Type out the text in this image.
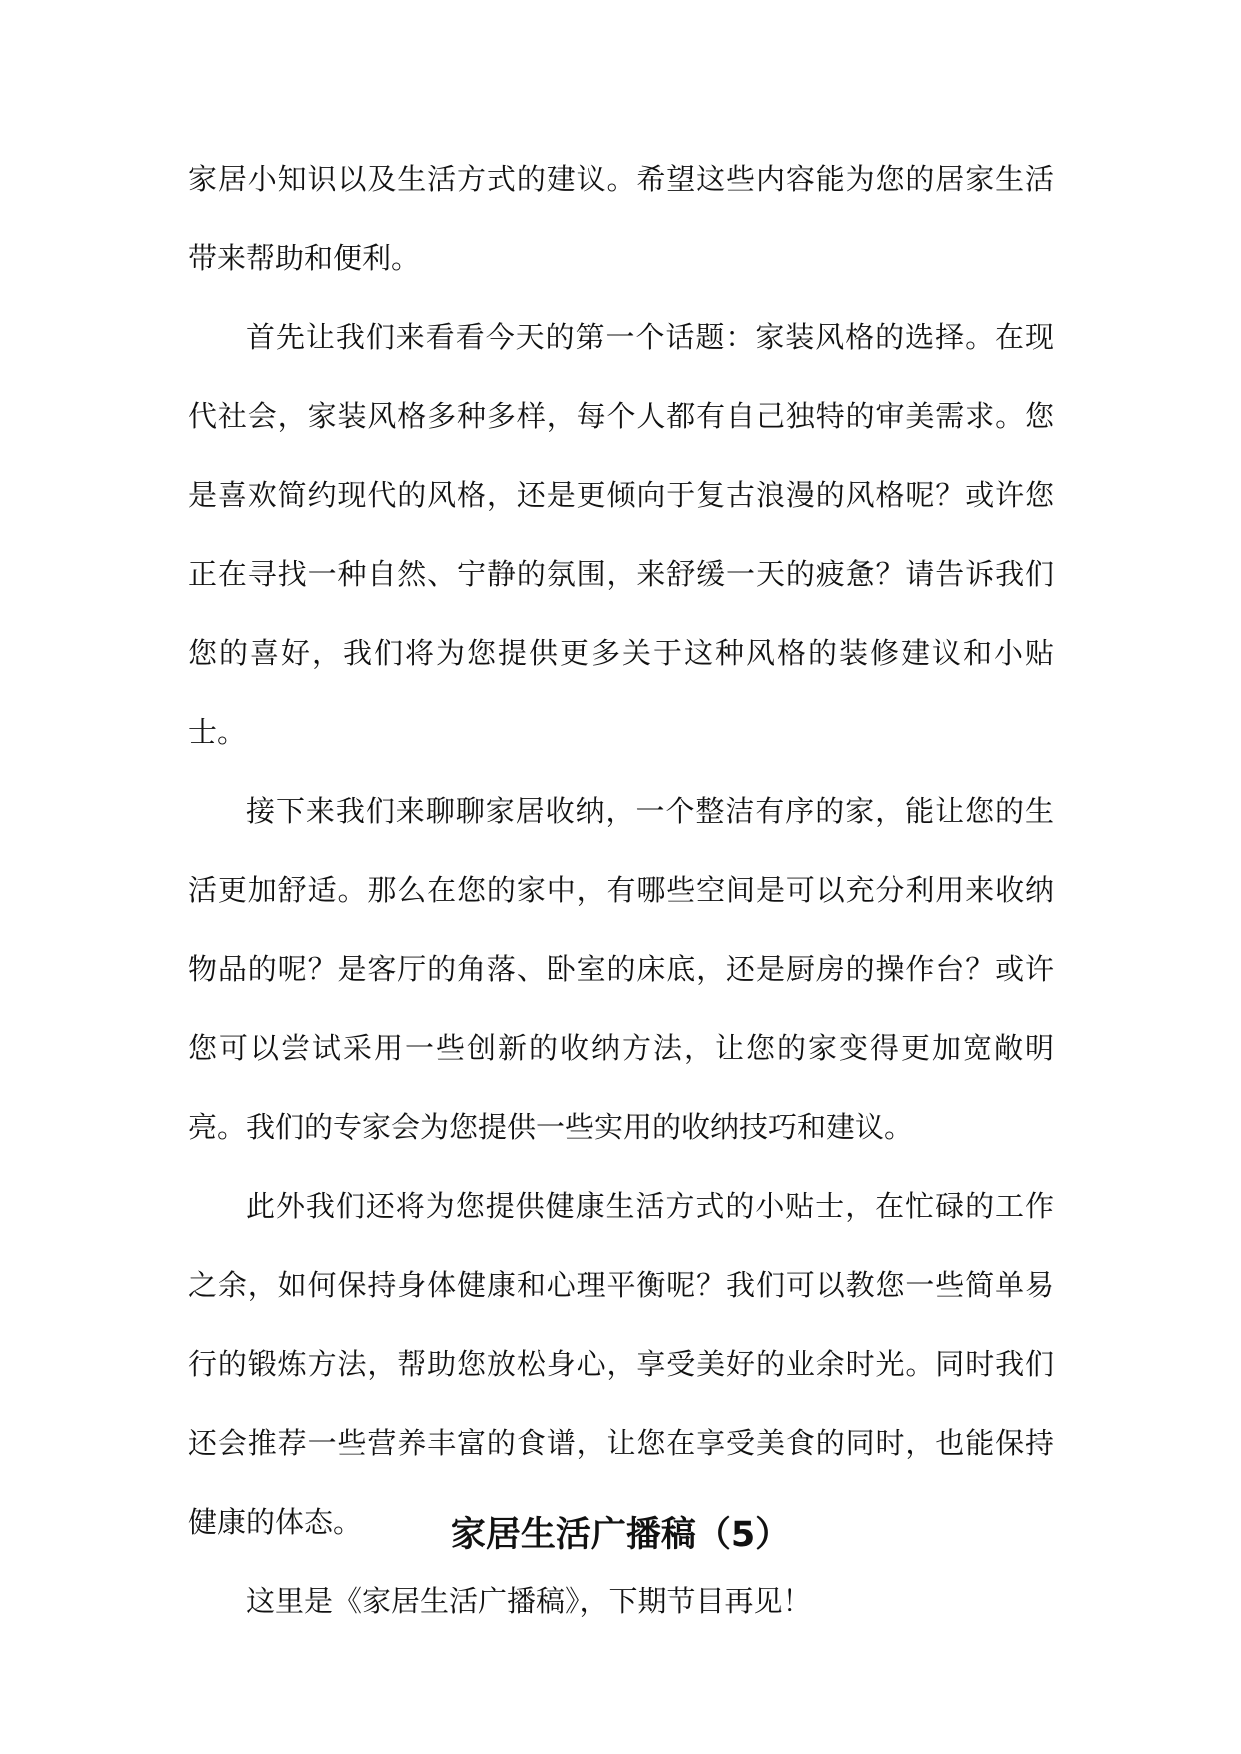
家居小知识以及生活方式的建议。希望这些内容能为您的居家生活带来帮助和便利。

首先让我们来看看今天的第一个话题：家装风格的选择。在现代社会，家装风格多种多样，每个人都有自己独特的审美需求。您是喜欢简约现代的风格，还是更倾向于复古浪漫的风格呢？或许您正在寻找一种自然、宁静的氛围，来舒缓一天的疲惫？请告诉我们您的喜好，我们将为您提供更多关于这种风格的装修建议和小贴士。

接下来我们来聊聊家居收纳，一个整洁有序的家，能让您的生活更加舒适。那么在您的家中，有哪些空间是可以充分利用来收纳物品的呢？是客厅的角落、卧室的床底，还是厨房的操作台？或许您可以尝试采用一些创新的收纳方法，让您的家变得更加宽敞明亮。我们的专家会为您提供一些实用的收纳技巧和建议。

此外我们还将为您提供健康生活方式的小贴士，在忙碌的工作之余，如何保持身体健康和心理平衡呢？我们可以教您一些简单易行的锻炼方法，帮助您放松身心，享受美好的业余时光。同时我们还会推荐一些营养丰富的食谱，让您在享受美食的同时，也能保持健康的体态。

这里是《家居生活广播稿》，下期节目再见！

家居生活广播稿（5）
